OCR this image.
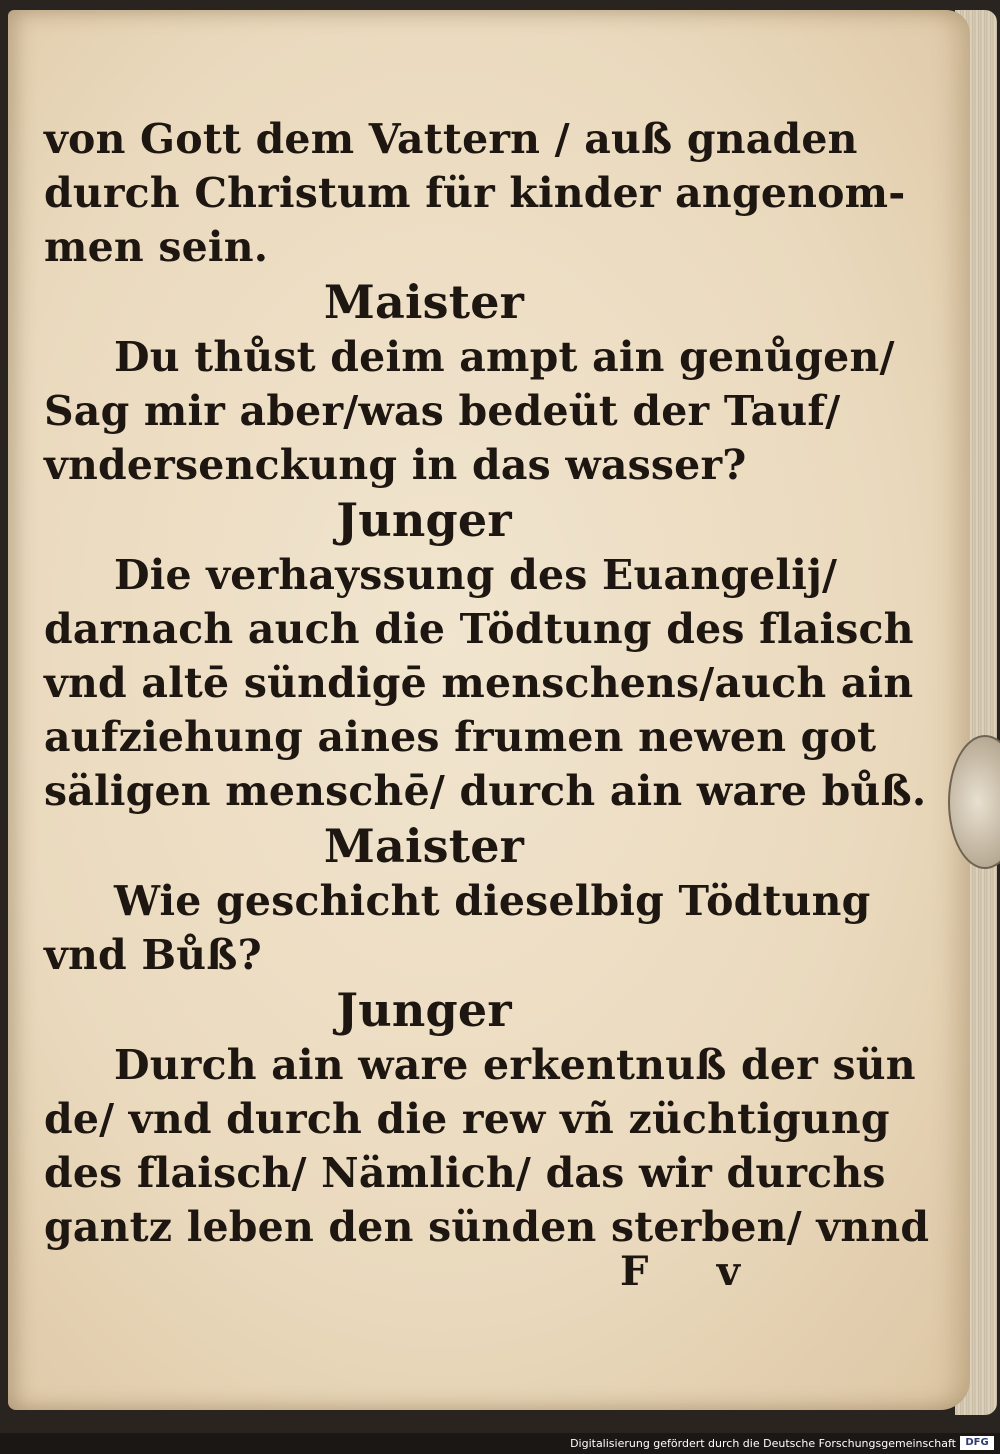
von Gott dem Vattern / auß gnaden
durch Christum für kinder angenom-
men sein.
Maister
Du thůst deim ampt ain genůgen/
Sag mir aber/was bedeüt der Tauf/
vndersenckung in das wasser?
Junger
Die verhayssung des Euangelij/
darnach auch die Tödtung des flaisch
vnd altē sündigē menschens/auch ain
aufziehung aines frumen newen got
säligen menschē/ durch ain ware bůß.
Maister
Wie geschicht dieselbig Tödtung
vnd Bůß?
Junger
Durch ain ware erkentnuß der sün
de/ vnd durch die rew vñ züchtigung
des flaisch/ Nämlich/ das wir durchs
gantz leben den sünden sterben/ vnnd
F v
Digitalisierung gefördert durch die Deutsche Forschungsgemeinschaft DFG
